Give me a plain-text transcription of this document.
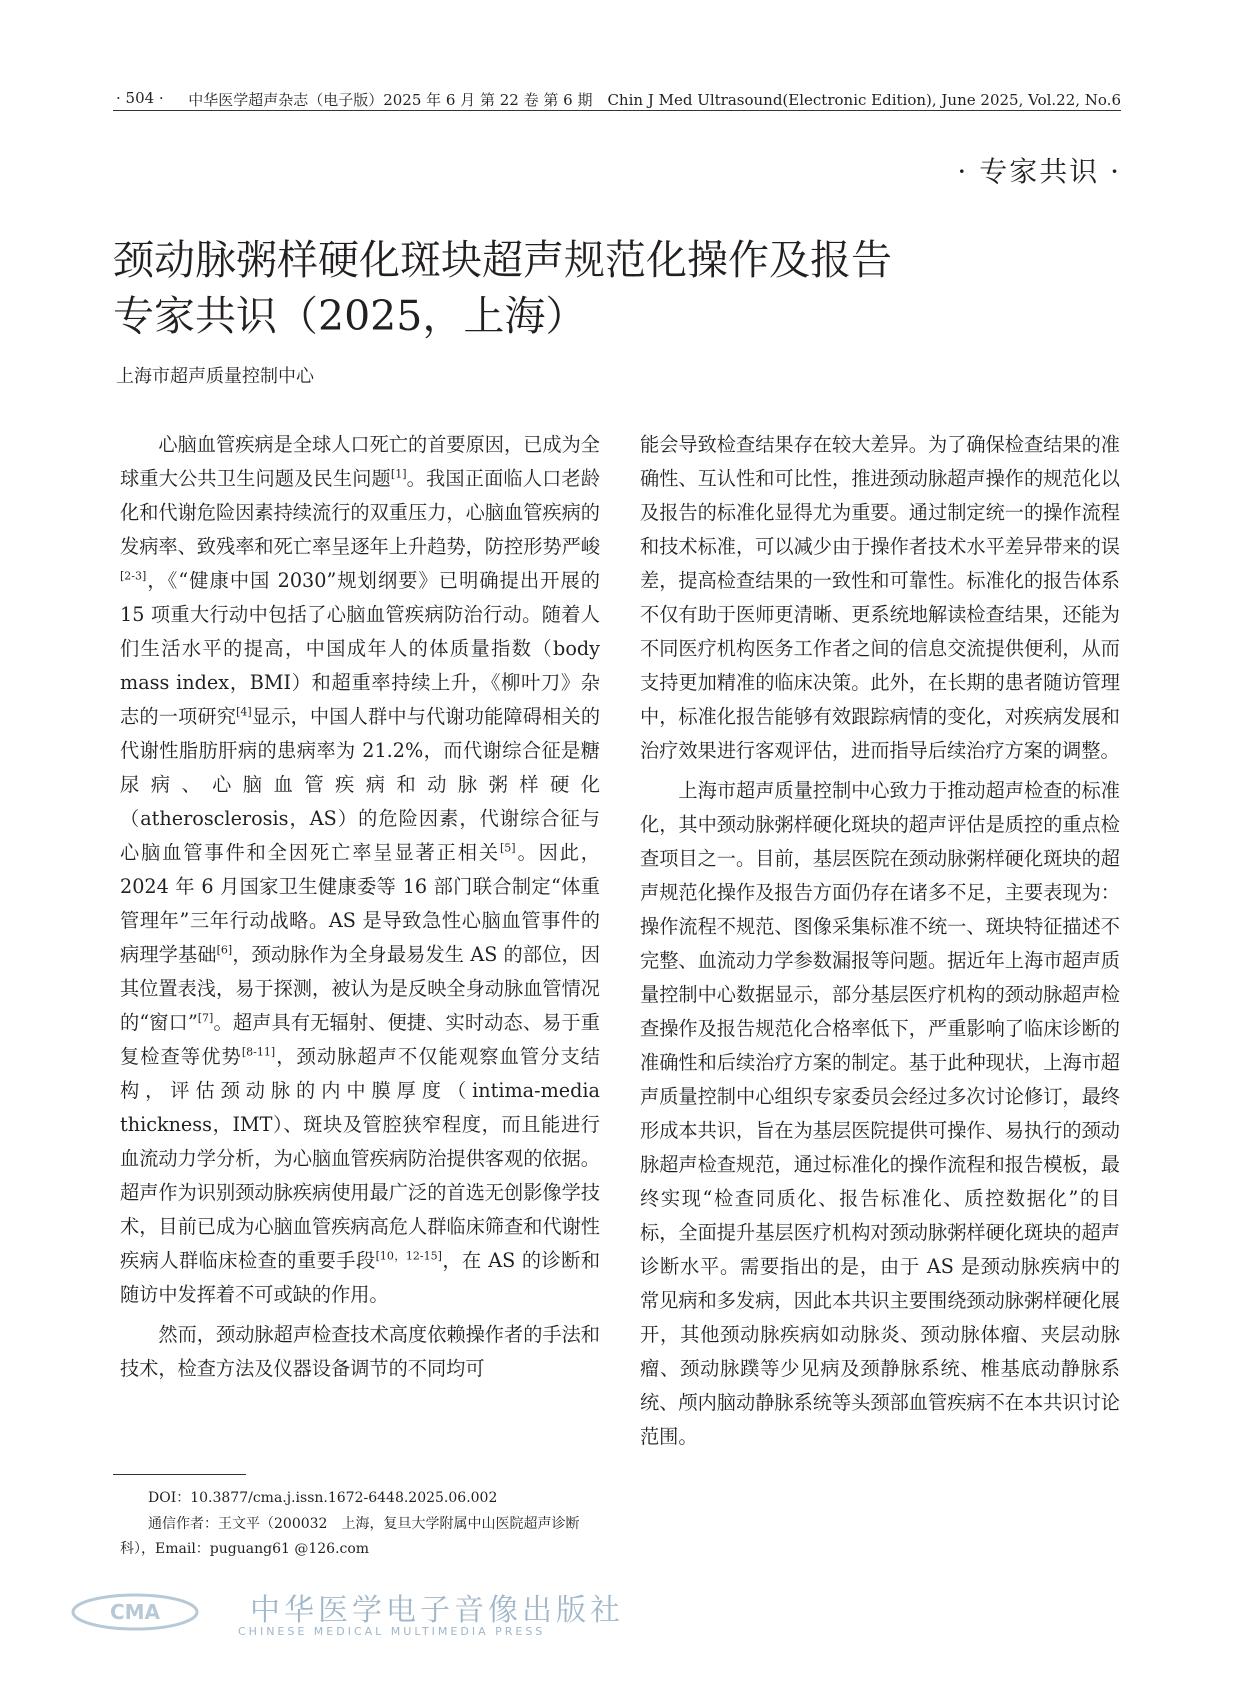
· 504 · 中华医学超声杂志（电子版）2025 年 6 月 第 22 卷 第 6 期　Chin J Med Ultrasound(Electronic Edition), June 2025, Vol.22, No.6
· 专家共识 ·
颈动脉粥样硬化斑块超声规范化操作及报告
专家共识（2025，上海）
上海市超声质量控制中心

心脑血管疾病是全球人口死亡的首要原因，已成为全球重大公共卫生问题及民生问题[1]。我国正面临人口老龄化和代谢危险因素持续流行的双重压力，心脑血管疾病的发病率、致残率和死亡率呈逐年上升趋势，防控形势严峻[2-3]，《“健康中国 2030”规划纲要》已明确提出开展的 15 项重大行动中包括了心脑血管疾病防治行动。随着人们生活水平的提高，中国成年人的体质量指数（body mass index，BMI）和超重率持续上升，《柳叶刀》杂志的一项研究[4]显示，中国人群中与代谢功能障碍相关的代谢性脂肪肝病的患病率为 21.2%，而代谢综合征是糖尿病、心脑血管疾病和动脉粥样硬化（atherosclerosis，AS）的危险因素，代谢综合征与心脑血管事件和全因死亡率呈显著正相关[5]。因此，2024 年 6 月国家卫生健康委等 16 部门联合制定“体重管理年”三年行动战略。AS 是导致急性心脑血管事件的病理学基础[6]，颈动脉作为全身最易发生 AS 的部位，因其位置表浅，易于探测，被认为是反映全身动脉血管情况的“窗口”[7]。超声具有无辐射、便捷、实时动态、易于重复检查等优势[8-11]，颈动脉超声不仅能观察血管分支结构，评估颈动脉的内中膜厚度（intima-media thickness，IMT）、斑块及管腔狭窄程度，而且能进行血流动力学分析，为心脑血管疾病防治提供客观的依据。超声作为识别颈动脉疾病使用最广泛的首选无创影像学技术，目前已成为心脑血管疾病高危人群临床筛查和代谢性疾病人群临床检查的重要手段[10，12-15]，在 AS 的诊断和随访中发挥着不可或缺的作用。

然而，颈动脉超声检查技术高度依赖操作者的手法和技术，检查方法及仪器设备调节的不同均可

能会导致检查结果存在较大差异。为了确保检查结果的准确性、互认性和可比性，推进颈动脉超声操作的规范化以及报告的标准化显得尤为重要。通过制定统一的操作流程和技术标准，可以减少由于操作者技术水平差异带来的误差，提高检查结果的一致性和可靠性。标准化的报告体系不仅有助于医师更清晰、更系统地解读检查结果，还能为不同医疗机构医务工作者之间的信息交流提供便利，从而支持更加精准的临床决策。此外，在长期的患者随访管理中，标准化报告能够有效跟踪病情的变化，对疾病发展和治疗效果进行客观评估，进而指导后续治疗方案的调整。

上海市超声质量控制中心致力于推动超声检查的标准化，其中颈动脉粥样硬化斑块的超声评估是质控的重点检查项目之一。目前，基层医院在颈动脉粥样硬化斑块的超声规范化操作及报告方面仍存在诸多不足，主要表现为：操作流程不规范、图像采集标准不统一、斑块特征描述不完整、血流动力学参数漏报等问题。据近年上海市超声质量控制中心数据显示，部分基层医疗机构的颈动脉超声检查操作及报告规范化合格率低下，严重影响了临床诊断的准确性和后续治疗方案的制定。基于此种现状，上海市超声质量控制中心组织专家委员会经过多次讨论修订，最终形成本共识，旨在为基层医院提供可操作、易执行的颈动脉超声检查规范，通过标准化的操作流程和报告模板，最终实现“检查同质化、报告标准化、质控数据化”的目标，全面提升基层医疗机构对颈动脉粥样硬化斑块的超声诊断水平。需要指出的是，由于 AS 是颈动脉疾病中的常见病和多发病，因此本共识主要围绕颈动脉粥样硬化展开，其他颈动脉疾病如动脉炎、颈动脉体瘤、夹层动脉瘤、颈动脉蹼等少见病及颈静脉系统、椎基底动静脉系统、颅内脑动静脉系统等头颈部血管疾病不在本共识讨论范围。

DOI：10.3877/cma.j.issn.1672-6448.2025.06.002
通信作者：王文平（200032　上海，复旦大学附属中山医院超声诊断科），Email：puguang61 @126.com
CMA	中华医学电子音像出版社
CHINESE MEDICAL MULTIMEDIA PRESS
